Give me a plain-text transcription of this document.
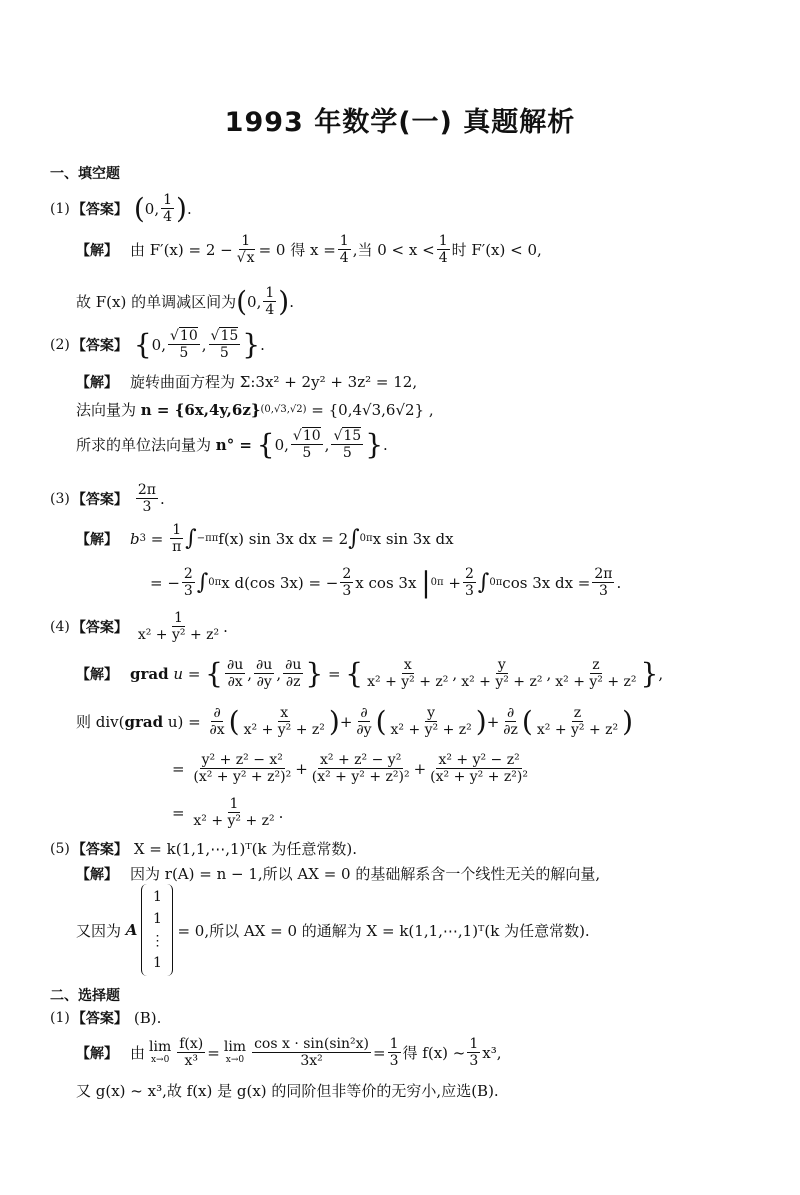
1993 年数学(一) 真题解析
一、填空题
(1) 【答案】 ( 0, $\frac{1}{4}$ ) .
【解】 由 $F'(x) = 2 - \frac{1}{√x} = 0$ 得 $x = \frac{1}{4}$ ,当 $0 < x < \frac{1}{4}$ 时 F′(x) < 0,
故 F(x) 的单调减区间为 ( 0, $\frac{1}{4}$ ) .
(2) 【答案】 { 0, $\frac{√10}{5}$ , $\frac{√15}{5}$ } .
【解】 旋转曲面方程为 Σ:3x² + 2y² + 3z² = 12,
法向量为
n = {6x,4y,6z} (0,√3,√2)
= {0,4√3,6√2} ,
所求的单位法向量为
n° =
{ 0, $\frac{√10}{5}$ , $\frac{√15}{5}$ } .
(3) 【答案】 $\frac{2\pi}{3}$ .
【解】 b $3 = \frac{1}{\pi}$ ∫ −π π f(x) sin 3x dx = 2 ∫ 0 π x sin 3x dx
= − $\frac{2}{3}$ ∫ 0 π x d(cos 3x) = − $\frac{2}{3}$ x cos 3x
| 0 π
+ $\frac{2}{3}$ ∫ 0 π cos 3x dx = $\frac{2\pi}{3}$ .
(4) 【答案】 $\frac{1}{\text{x² + y² + z²}}$ .
【解】 grad
u =
{ $\frac{\partial u}{\partial x}$ , $\frac{\partial u}{\partial y}$ , $\frac{\partial u}{\partial z}$ } = { $\frac{x}{\text{x² + y² + z²}}$ , $\frac{y}{\text{x² + y² + z²}}$ , $\frac{z}{\text{x² + y² + z²}}$ } ,
则 div( grad
u) =
$\frac{\partial}{\partial x}$ ( $\frac{x}{\text{x² + y² + z²}}$ ) + $\frac{\partial}{\partial y}$ ( $\frac{y}{\text{x² + y² + z²}}$ ) + $\frac{\partial}{\partial z}$ ( $\frac{z}{\text{x² + y² + z²}}$ )
=
$\frac{\text{y² + z² − x²}}{\text{(x² + y² + z²)²}} + \frac{\text{x² + z² − y²}}{\text{(x² + y² + z²)²}} + \frac{\text{x² + y² − z²}}{\text{(x² + y² + z²)²}}$
=
$\frac{1}{\text{x² + y² + z²}}$ .
(5) 【答案】 X = k(1,1,⋯,1)ᵀ(k 为任意常数).
【解】 因为 r(A) = n − 1,所以 AX = 0 的基础解系含一个线性无关的解向量,
又因为
A
1
1
⋮
1
= 0,所以 AX = 0 的通解为 X = k(1,1,⋯,1)ᵀ(k 为任意常数).
二、选择题
(1) 【答案】 (B).
【解】 由 lim
$x\to 0 \frac{f(x)}{\text{x³}} = \lim$
$x\to 0 \frac{\text{cos x · sin(sin²x)}}{\text{3x²}} = \frac{1}{3}$ 得 f(x) ~ $\frac{1}{3} x^3$,
又 g(x) ~ x³,故 f(x) 是 g(x) 的同阶但非等价的无穷小,应选(B).
